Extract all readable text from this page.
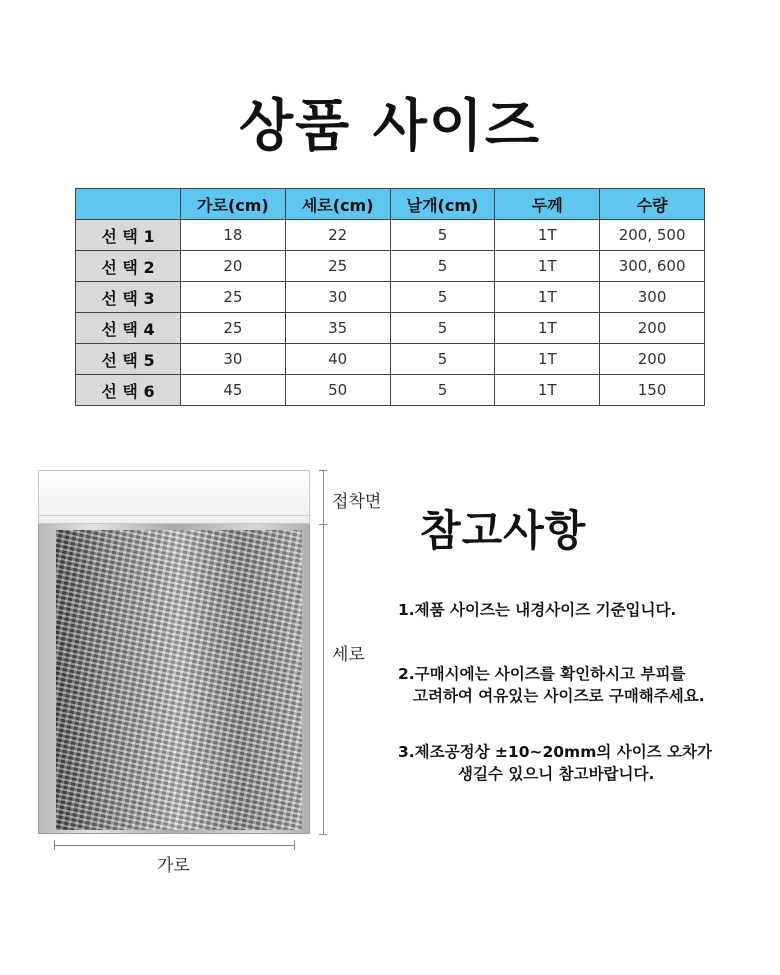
상품 사이즈
	가로(cm)	세로(cm)	날개(cm)	두께	수량
선 택 1	18	22	5	1T	200, 500
선 택 2	20	25	5	1T	300, 600
선 택 3	25	30	5	1T	300
선 택 4	25	35	5	1T	200
선 택 5	30	40	5	1T	200
선 택 6	45	50	5	1T	150
접착면
세로
가로
참고사항
1.제품 사이즈는 내경사이즈 기준입니다.
2.구매시에는 사이즈를 확인하시고 부피를
고려하여 여유있는 사이즈로 구매해주세요.
3.제조공정상 ±10~20mm의 사이즈 오차가
생길수 있으니 참고바랍니다.
